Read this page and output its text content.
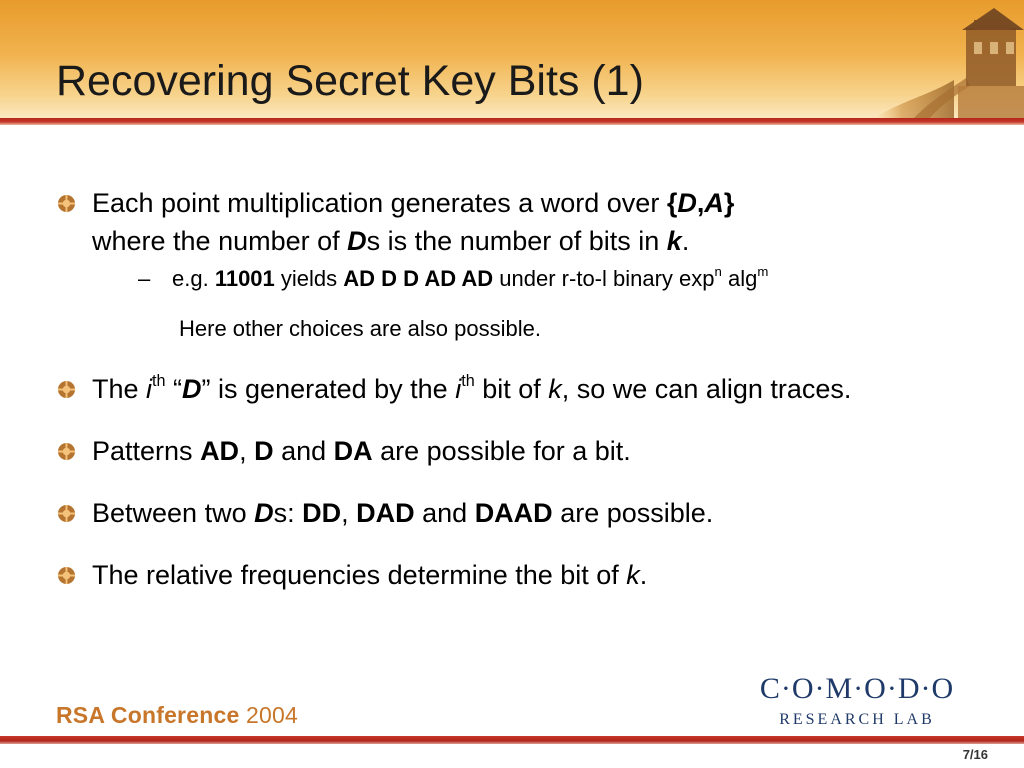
Recovering Secret Key Bits (1)
Each point multiplication generates a word over {D,A}
where the number of Ds is the number of bits in k.
– e.g. 11001 yields AD D D AD AD under r-to-l binary $\exp^n alg^m$
Here other choices are also possible.
The $i^{th}$ “D” is generated by the $i^{th}$ bit of k, so we can align traces.
Patterns AD, D and DA are possible for a bit.
Between two Ds: DD, DAD and DAAD are possible.
The relative frequencies determine the bit of k.
RSA Conference 2004
C·O·M·O·D·O
RESEARCH LAB
7/16
